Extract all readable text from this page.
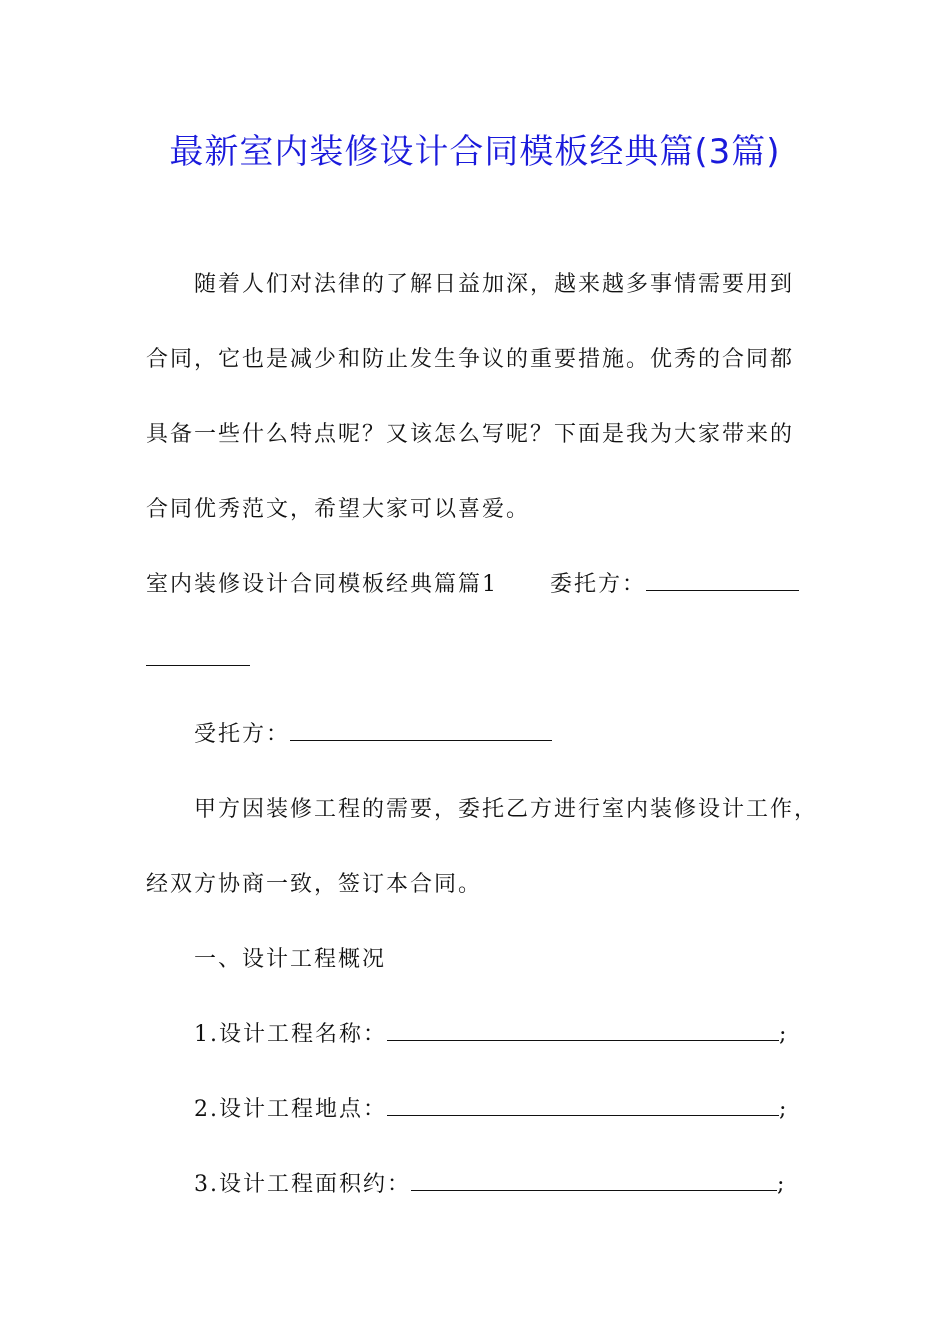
最新室内装修设计合同模板经典篇(3篇)
随着人们对法律的了解日益加深，越来越多事情需要用到
合同，它也是减少和防止发生争议的重要措施。优秀的合同都
具备一些什么特点呢？又该怎么写呢？下面是我为大家带来的
合同优秀范文，希望大家可以喜爱。
室内装修设计合同模板经典篇篇1 委托方：
受托方：
甲方因装修工程的需要，委托乙方进行室内装修设计工作，
经双方协商一致，签订本合同。
一、设计工程概况
1.设计工程名称：	;
2.设计工程地点：	;
3.设计工程面积约：	;
